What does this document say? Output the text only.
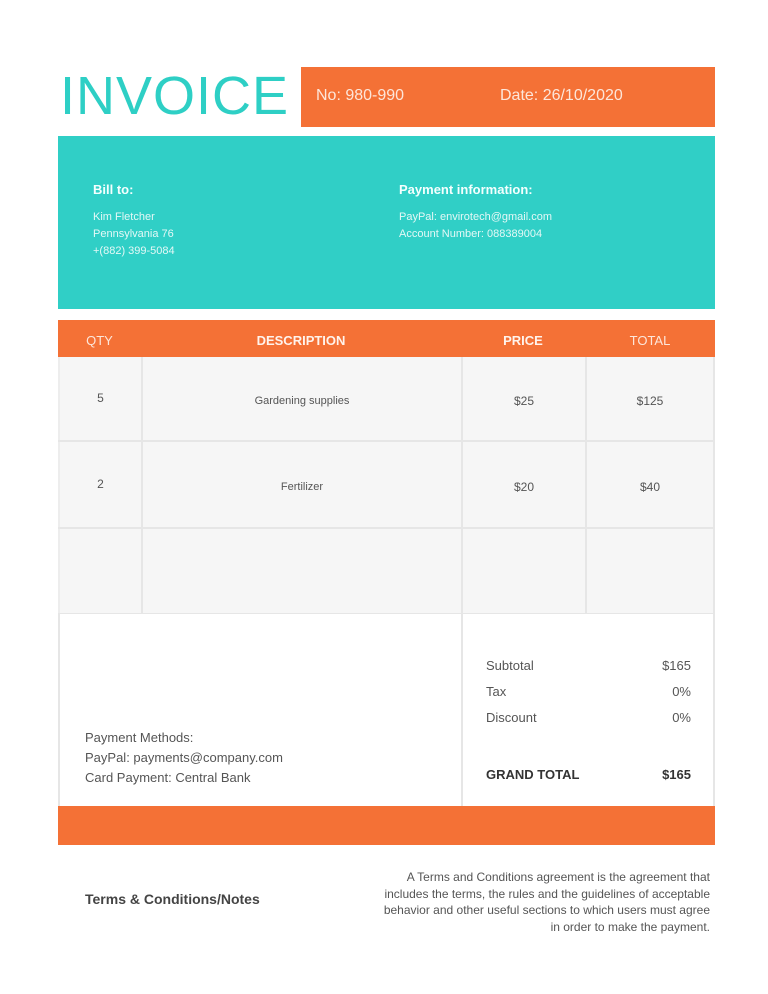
INVOICE No: 980-990	Date: 26/10/2020
Bill to:
Kim Fletcher
Pennsylvania 76
+(882) 399-5084
Payment information:
PayPal: envirotech@gmail.com
Account Number: 088389004
QTY	DESCRIPTION	PRICE	TOTAL
5	Gardening supplies	$25	$125
2	Fertilizer	$20	$40
Payment Methods:
PayPal: payments@company.com
Card Payment: Central Bank
Subtotal	$165
Tax	0%
Discount	0%
GRAND TOTAL	$165
Terms & Conditions/Notes
A Terms and Conditions agreement is the agreement that includes the terms, the rules and the guidelines of acceptable behavior and other useful sections to which users must agree in order to make the payment.
